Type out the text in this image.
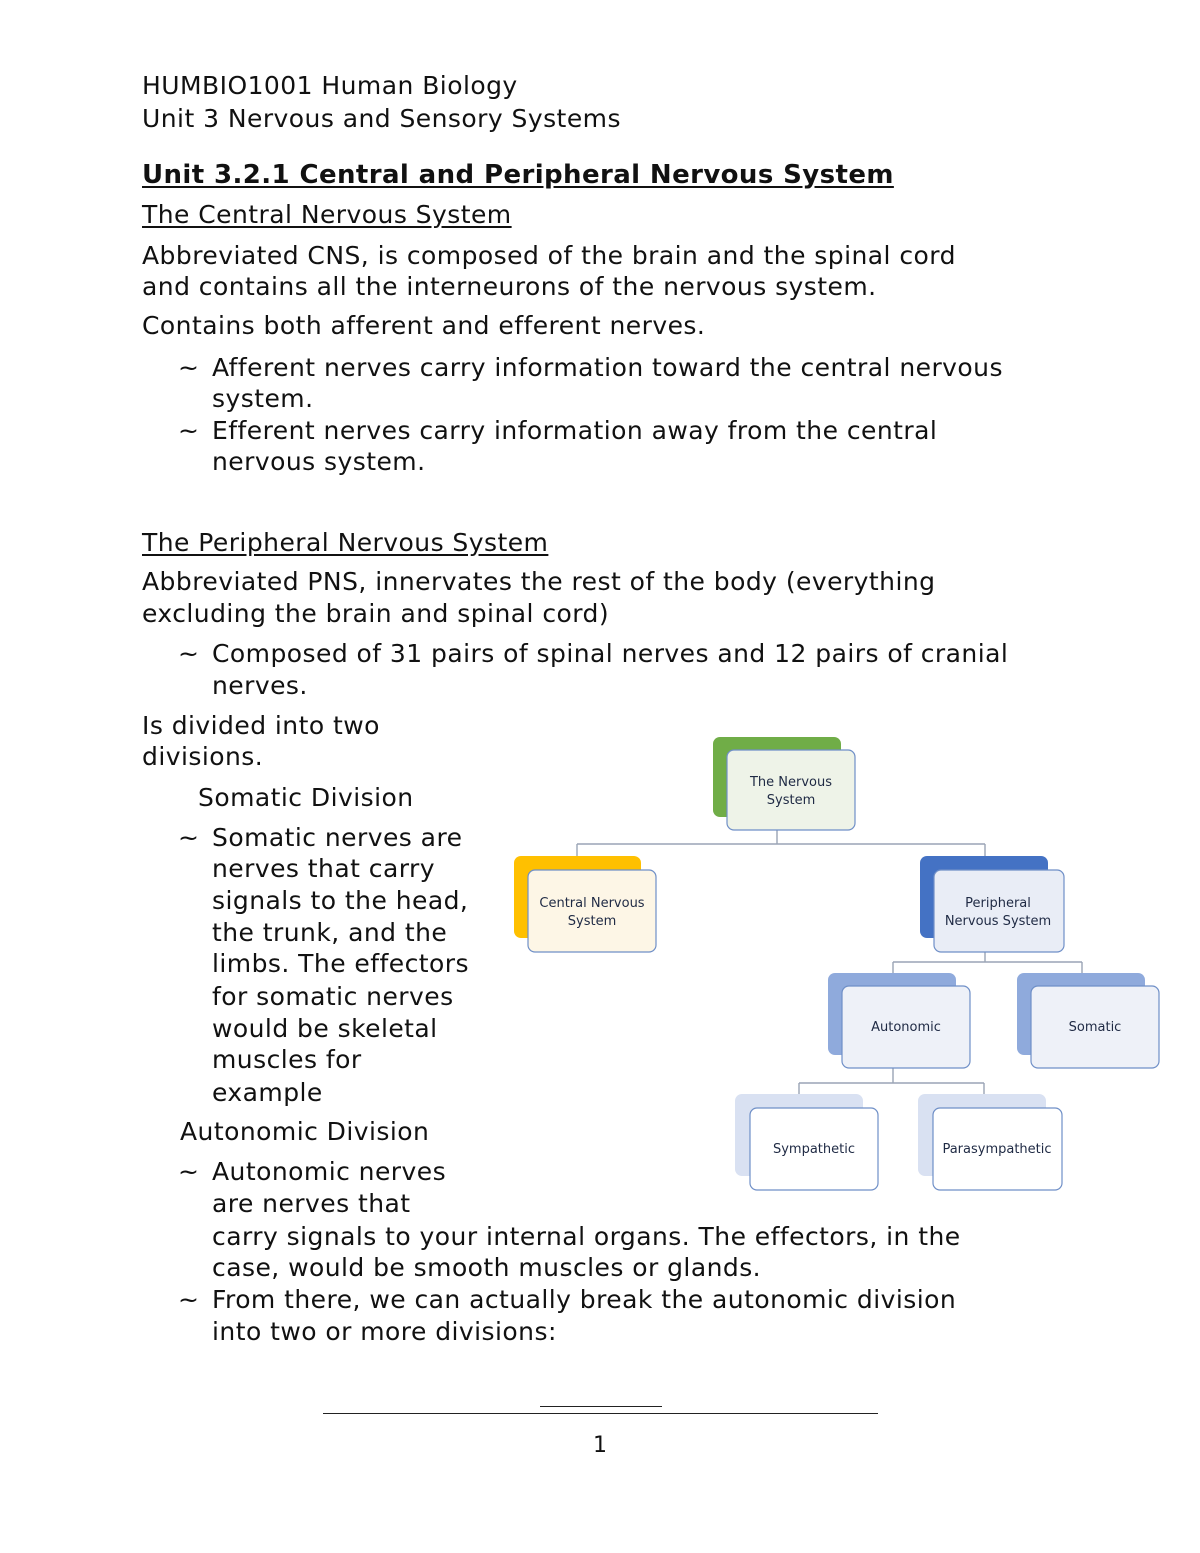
HUMBIO1001 Human Biology

Unit 3 Nervous and Sensory Systems

Unit 3.2.1 Central and Peripheral Nervous System

The Central Nervous System

Abbreviated CNS, is composed of the brain and the spinal cord

and contains all the interneurons of the nervous system.

Contains both afferent and efferent nerves.

~ Afferent nerves carry information toward the central nervous

system.

~ Efferent nerves carry information away from the central

nervous system.

The Peripheral Nervous System

Abbreviated PNS, innervates the rest of the body (everything

excluding the brain and spinal cord)

~ Composed of 31 pairs of spinal nerves and 12 pairs of cranial

nerves.

Is divided into two

divisions.

Somatic Division

~ Somatic nerves are

nerves that carry

signals to the head,

the trunk, and the

limbs. The effectors

for somatic nerves

would be skeletal

muscles for

example

Autonomic Division

~ Autonomic nerves

are nerves that

carry signals to your internal organs. The effectors, in the

case, would be smooth muscles or glands.

~ From there, we can actually break the autonomic division

into two or more divisions:

The Nervous
System
Central Nervous
System
Peripheral
Nervous System
Autonomic	Somatic
Sympathetic	Parasympathetic
1
